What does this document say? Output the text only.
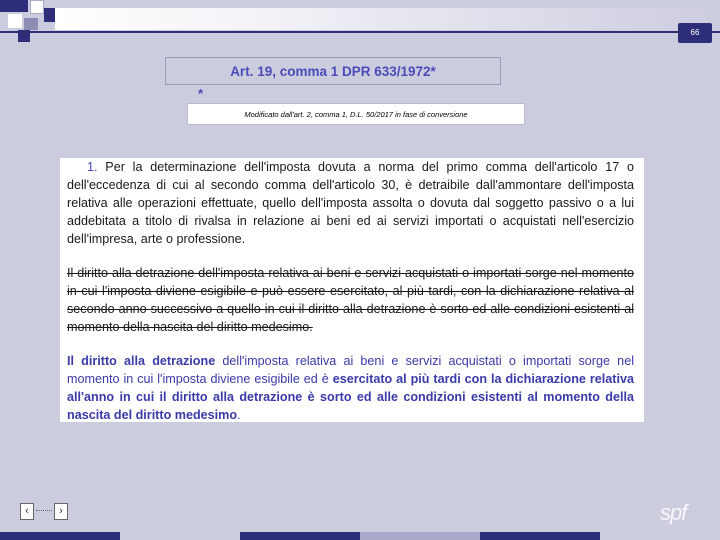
66
Art. 19, comma 1 DPR 633/1972*
*
Modificato dall'art. 2, comma 1, D.L. 50/2017 in fase di conversione

1. Per la determinazione dell'imposta dovuta a norma del primo comma dell'articolo 17 o dell'eccedenza di cui al secondo comma dell'articolo 30, è detraibile dall'ammontare dell'imposta relativa alle operazioni effettuate, quello dell'imposta assolta o dovuta dal soggetto passivo o a lui addebitata a titolo di rivalsa in relazione ai beni ed ai servizi importati o acquistati nell'esercizio dell'impresa, arte o professione.

Il diritto alla detrazione dell'imposta relativa ai beni e servizi acquistati o importati sorge nel momento in cui l'imposta diviene esigibile e può essere esercitato, al più tardi, con la dichiarazione relativa al secondo anno successivo a quello in cui il diritto alla detrazione è sorto ed alle condizioni esistenti al momento della nascita del diritto medesimo.

Il diritto alla detrazione dell'imposta relativa ai beni e servizi acquistati o importati sorge nel momento in cui l'imposta diviene esigibile ed è esercitato al più tardi con la dichiarazione relativa all'anno in cui il diritto alla detrazione è sorto ed alle condizioni esistenti al momento della nascita del diritto medesimo.

‹	›	spf
